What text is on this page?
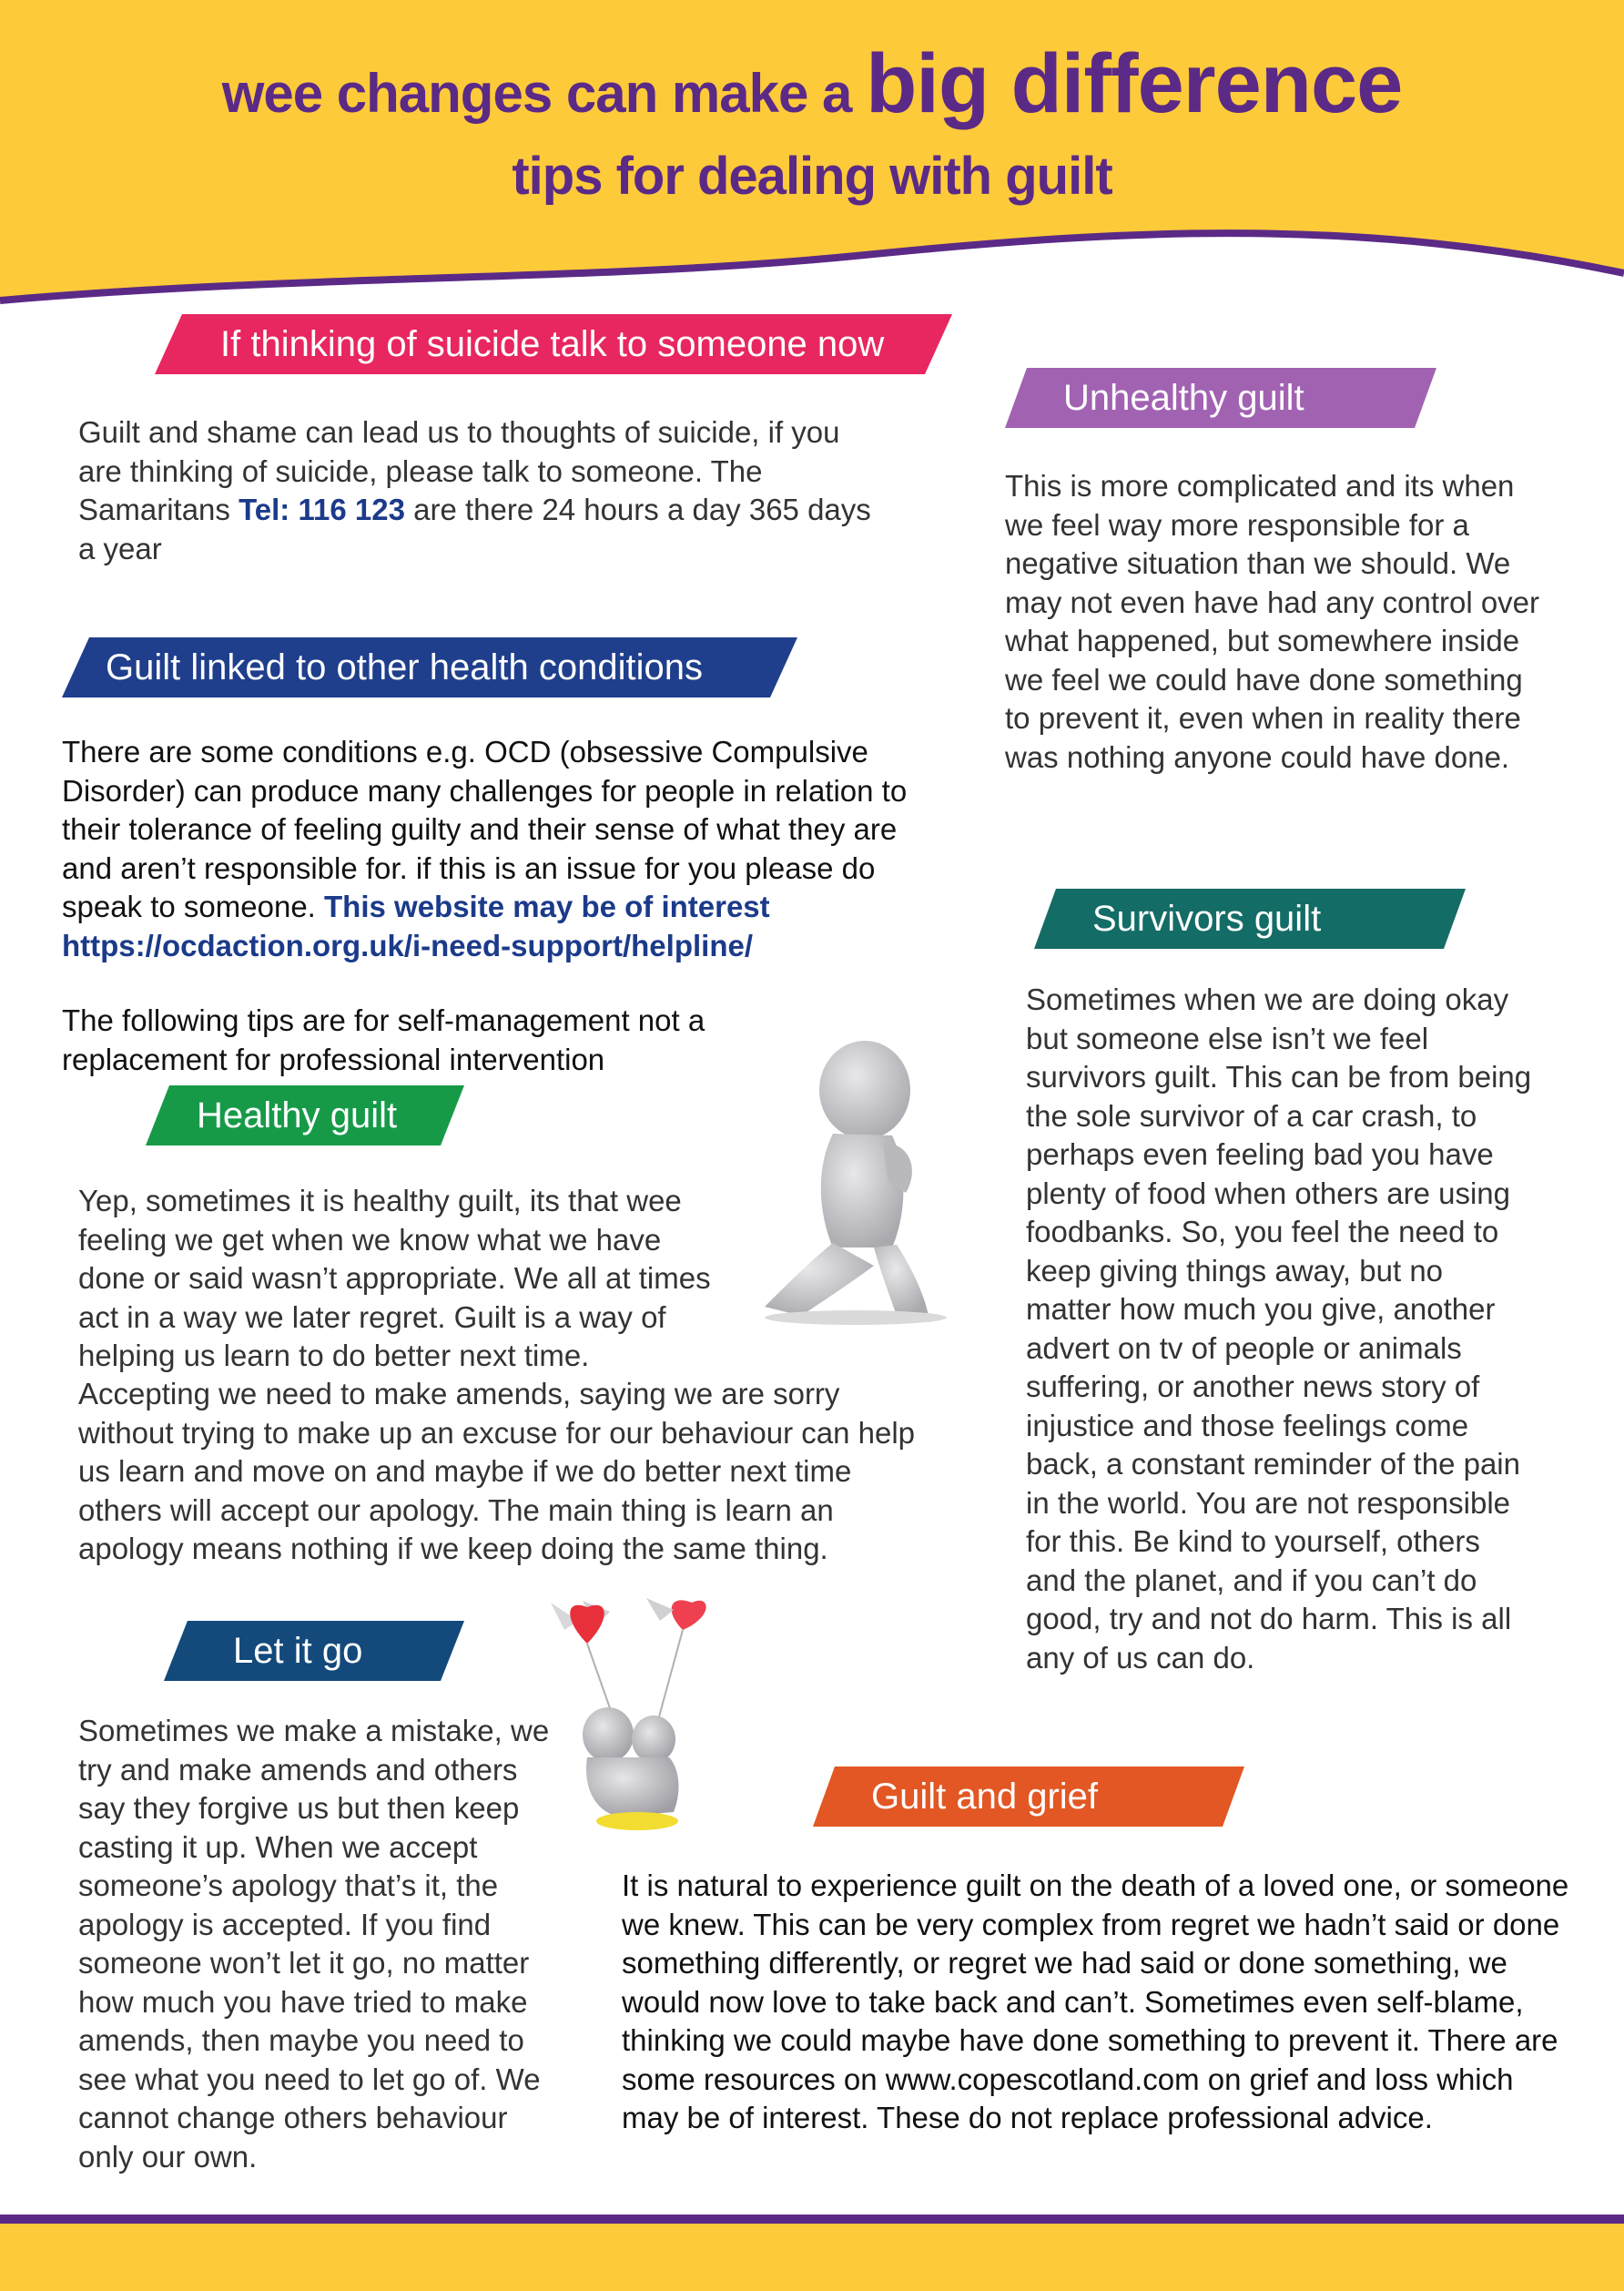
wee changes can make a big difference
tips for dealing with guilt
If thinking of suicide talk to someone now
Guilt and shame can lead us to thoughts of suicide, if you are thinking of suicide, please talk to someone. The Samaritans Tel: 116 123 are there 24 hours a day 365 days a year
Guilt linked to other health conditions
There are some conditions e.g. OCD (obsessive Compulsive Disorder) can produce many challenges for people in relation to their tolerance of feeling guilty and their sense of what they are and aren’t responsible for. if this is an issue for you please do speak to someone. This website may be of interest https://ocdaction.org.uk/i-need-support/helpline/
The following tips are for self-management not a replacement for professional intervention
Healthy guilt
Yep, sometimes it is healthy guilt, its that wee feeling we get when we know what we have done or said wasn’t appropriate. We all at times act in a way we later regret. Guilt is a way of helping us learn to do better next time.
Accepting we need to make amends, saying we are sorry without trying to make up an excuse for our behaviour can help us learn and move on and maybe if we do better next time others will accept our apology. The main thing is learn an apology means nothing if we keep doing the same thing.
Let it go
Sometimes we make a mistake, we try and make amends and others say they forgive us but then keep casting it up. When we accept someone’s apology that’s it, the apology is accepted. If you find someone won’t let it go, no matter how much you have tried to make amends, then maybe you need to see what you need to let go of. We cannot change others behaviour only our own.
Unhealthy guilt
This is more complicated and its when we feel way more responsible for a negative situation than we should. We may not even have had any control over what happened, but somewhere inside we feel we could have done something to prevent it, even when in reality there was nothing anyone could have done.
Survivors guilt
Sometimes when we are doing okay but someone else isn’t we feel survivors guilt. This can be from being the sole survivor of a car crash, to perhaps even feeling bad you have plenty of food when others are using foodbanks. So, you feel the need to keep giving things away, but no matter how much you give, another advert on tv of people or animals suffering, or another news story of injustice and those feelings come back, a constant reminder of the pain in the world. You are not responsible for this. Be kind to yourself, others and the planet, and if you can’t do good, try and not do harm. This is all any of us can do.
Guilt and grief
It is natural to experience guilt on the death of a loved one, or someone we knew. This can be very complex from regret we hadn’t said or done something differently, or regret we had said or done something, we would now love to take back and can’t. Sometimes even self-blame, thinking we could maybe have done something to prevent it. There are some resources on www.copescotland.com on grief and loss which may be of interest. These do not replace professional advice.
